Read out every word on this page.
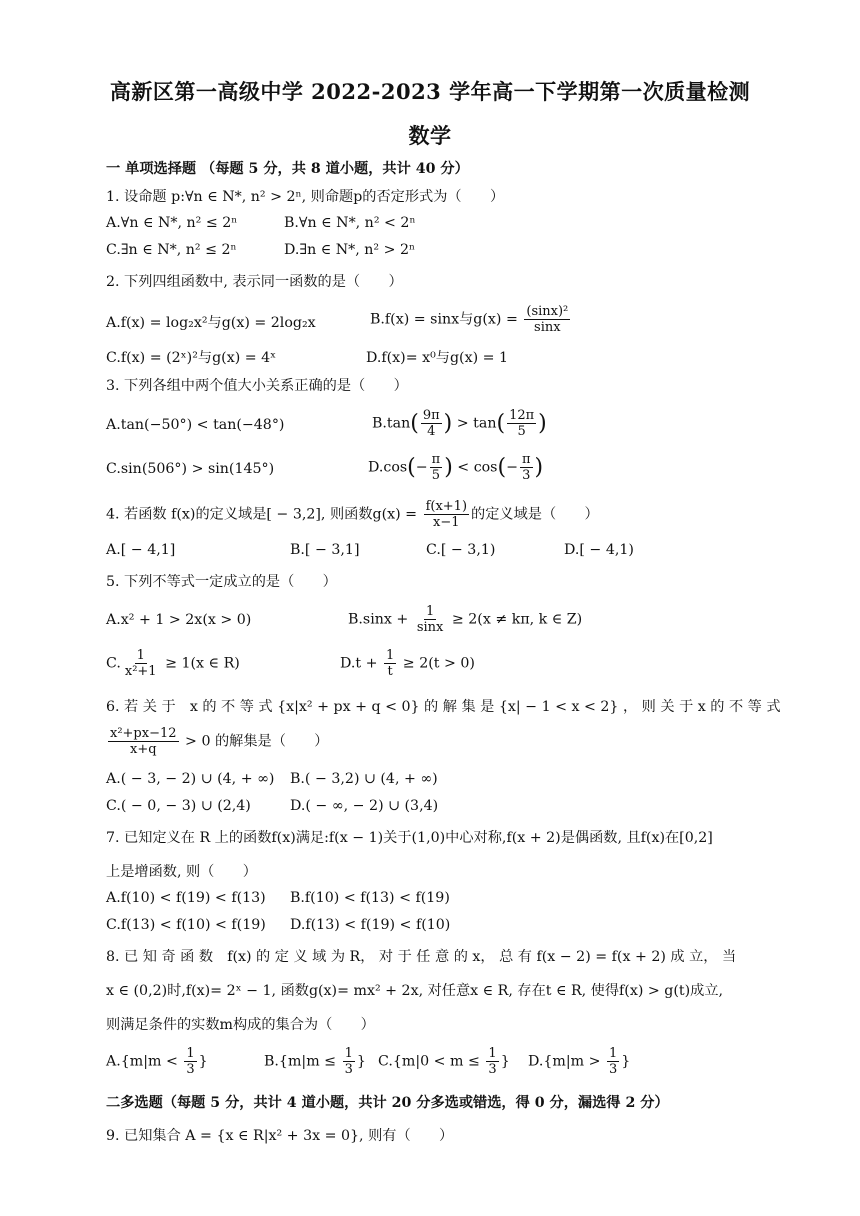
高新区第一高级中学 2022-2023 学年高一下学期第一次质量检测
数学
一 单项选择题 （每题 5 分，共 8 道小题，共计 40 分）
1. 设命题 p:∀n ∈ N*, n² > 2ⁿ, 则命题p的否定形式为（　　）
A.∀n ∈ N*, n² ≤ 2ⁿ	B.∀n ∈ N*, n² < 2ⁿ
C.∃n ∈ N*, n² ≤ 2ⁿ	D.∃n ∈ N*, n² > 2ⁿ
2. 下列四组函数中, 表示同一函数的是（　　）
A.f(x) = log₂x²与g(x) = 2log₂x	B.f(x) = sinx与$g(x) = \frac{\text{(sinx)²}}{\sin x}$
C.f(x) = (2ˣ)²与g(x) = 4ˣ	D.f(x)= x⁰与g(x) = 1
3. 下列各组中两个值大小关系正确的是（　　）
A.tan(−50°) < tan(−48°)	$B.\tan( \frac{9\pi}{4}$ ) > $\tan( \frac{12\pi}{5}$ )
C.sin(506°) > sin(145°)	$D.\cos(- \frac{\pi}{5}$ ) < $\cos(- \frac{\pi}{3}$ )
4. 若函数 f(x)的定义域是[ − 3,2], 则函数$g(x) = \frac{f(x+1)}{x-1}$ 的定义域是（　　）
A.[ − 4,1]	B.[ − 3,1]	C.[ − 3,1)	D.[ − 4,1)
5. 下列不等式一定成立的是（　　）
A.x² + 1 > 2x(x > 0)	$B.\sin x + \frac{1}{\sin x} \ge 2(x \ne k\pi$, k ∈ Z)
C. $\frac{1}{\text{x²+1}} \ge 1(x$ ∈ R)	$D.t + \frac{1}{t} \ge 2(t > 0)$
6. 若 关 于　x 的 不 等 式 {x|x² + px + q < 0} 的 解 集 是 {x| − 1 < x < 2} ， 则 关 于 x 的 不 等 式
$\frac{\text{x²+px−12}}{x+q} > 0$ 的解集是（　　）
A.( − 3, − 2) ∪ (4, + ∞) B.( − 3,2) ∪ (4, + ∞)
C.( − 0, − 3) ∪ (2,4)	D.( − ∞, − 2) ∪ (3,4)
7. 已知定义在 R 上的函数f(x)满足:f(x − 1)关于(1,0)中心对称,f(x + 2)是偶函数, 且f(x)在[0,2]
上是增函数, 则（　　）
A.f(10) < f(19) < f(13) B.f(10) < f(13) < f(19)
C.f(13) < f(10) < f(19) D.f(13) < f(19) < f(10)
8. 已 知 奇 函 数　f(x) 的 定 义 域 为 R， 对 于 任 意 的 x， 总 有 f(x − 2) = f(x + 2) 成 立， 当
x ∈ (0,2)时,f(x)= 2ˣ − 1, 函数g(x)= mx² + 2x, 对任意x ∈ R, 存在t ∈ R, 使得f(x) > g(t)成立,
则满足条件的实数m构成的集合为（　　）
$A.\{m|m < \frac{1}{3}$ }	$B.\{m|m \le \frac{1}{3}$ } $C.\{m|0 < m \le \frac{1}{3}$ } $D.\{m|m > \frac{1}{3}$ }
二多选题（每题 5 分，共计 4 道小题，共计 20 分多选或错选，得 0 分，漏选得 2 分）
9. 已知集合 A = {x ∈ R|x² + 3x = 0}, 则有（　　）
